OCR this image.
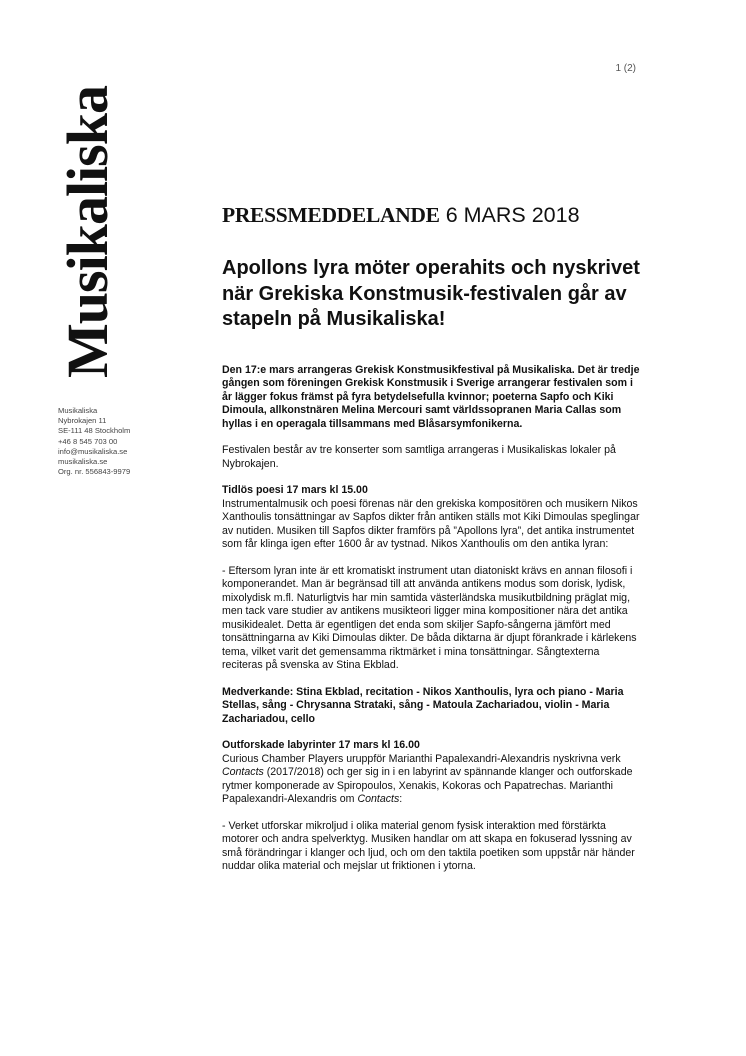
1 (2)
Musikaliska
Musikaliska
Nybrokajen 11
SE-111 48 Stockholm
+46 8 545 703 00
info@musikaliska.se
musikaliska.se
Org. nr. 556843-9979
PRESSMEDDELANDE 6 MARS 2018
Apollons lyra möter operahits och nyskrivet när Grekiska Konstmusik-festivalen går av stapeln på Musikaliska!

Den 17:e mars arrangeras Grekisk Konstmusikfestival på Musikaliska. Det är tredje gången som föreningen Grekisk Konstmusik i Sverige arrangerar festivalen som i år lägger fokus främst på fyra betydelsefulla kvinnor; poeterna Sapfo och Kiki Dimoula, allkonstnären Melina Mercouri samt världssopranen Maria Callas som hyllas i en operagala tillsammans med Blåsarsymfonikerna.

Festivalen består av tre konserter som samtliga arrangeras i Musikaliskas lokaler på Nybrokajen.

Tidlös poesi 17 mars kl 15.00
Instrumentalmusik och poesi förenas när den grekiska kompositören och musikern Nikos Xanthoulis tonsättningar av Sapfos dikter från antiken ställs mot Kiki Dimoulas speglingar av nutiden. Musiken till Sapfos dikter framförs på ”Apollons lyra”, det antika instrumentet som får klinga igen efter 1600 år av tystnad. Nikos Xanthoulis om den antika lyran:

- Eftersom lyran inte är ett kromatiskt instrument utan diatoniskt krävs en annan filosofi i komponerandet. Man är begränsad till att använda antikens modus som dorisk, lydisk, mixolydisk m.fl. Naturligtvis har min samtida västerländska musikutbildning präglat mig, men tack vare studier av antikens musikteori ligger mina kompositioner nära det antika musikidealet. Detta är egentligen det enda som skiljer Sapfo-sångerna jämfört med tonsättningarna av Kiki Dimoulas dikter. De båda diktarna är djupt förankrade i kärlekens tema, vilket varit det gemensamma riktmärket i mina tonsättningar. Sångtexterna reciteras på svenska av Stina Ekblad.

Medverkande: Stina Ekblad, recitation - Nikos Xanthoulis, lyra och piano - Maria Stellas, sång - Chrysanna Strataki, sång - Matoula Zachariadou, violin - Maria Zachariadou, cello

Outforskade labyrinter 17 mars kl 16.00
Curious Chamber Players uruppför Marianthi Papalexandri-Alexandris nyskrivna verk Contacts (2017/2018) och ger sig in i en labyrint av spännande klanger och outforskade rytmer komponerade av Spiropoulos, Xenakis, Kokoras och Papatrechas. Marianthi Papalexandri-Alexandris om Contacts:

- Verket utforskar mikroljud i olika material genom fysisk interaktion med förstärkta motorer och andra spelverktyg. Musiken handlar om att skapa en fokuserad lyssning av små förändringar i klanger och ljud, och om den taktila poetiken som uppstår när händer nuddar olika material och mejslar ut friktionen i ytorna.
